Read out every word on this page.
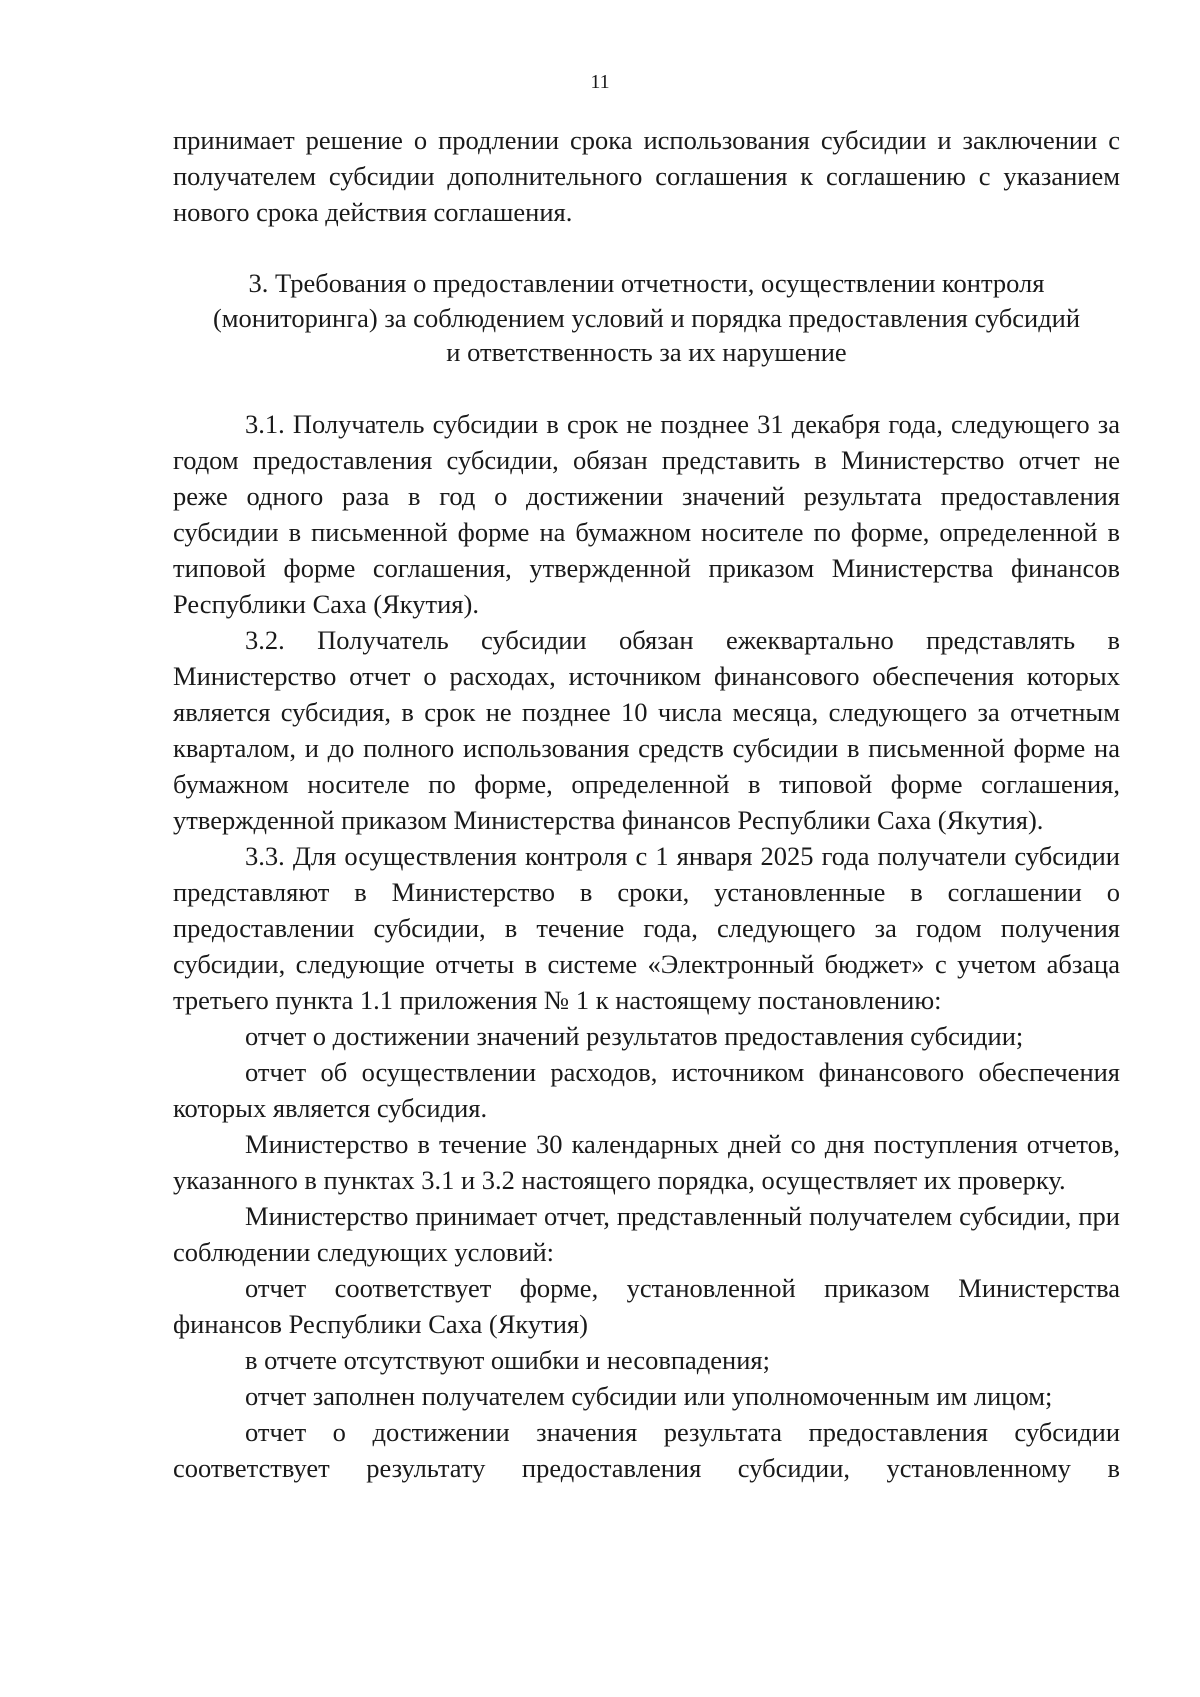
11

принимает решение о продлении срока использования субсидии и заключении с получателем субсидии дополнительного соглашения к соглашению с указанием нового срока действия соглашения.

3. Требования о предоставлении отчетности, осуществлении контроля
(мониторинга) за соблюдением условий и порядка предоставления субсидий
и ответственность за их нарушение

3.1. Получатель субсидии в срок не позднее 31 декабря года, следующего за годом предоставления субсидии, обязан представить в Министерство отчет не реже одного раза в год о достижении значений результата предоставления субсидии в письменной форме на бумажном носителе по форме, определенной в типовой форме соглашения, утвержденной приказом Министерства финансов Республики Саха (Якутия).

3.2. Получатель субсидии обязан ежеквартально представлять в Министерство отчет о расходах, источником финансового обеспечения которых является субсидия, в срок не позднее 10 числа месяца, следующего за отчетным кварталом, и до полного использования средств субсидии в письменной форме на бумажном носителе по форме, определенной в типовой форме соглашения, утвержденной приказом Министерства финансов Республики Саха (Якутия).

3.3. Для осуществления контроля с 1 января 2025 года получатели субсидии представляют в Министерство в сроки, установленные в соглашении о предоставлении субсидии, в течение года, следующего за годом получения субсидии, следующие отчеты в системе «Электронный бюджет» с учетом абзаца третьего пункта 1.1 приложения № 1 к настоящему постановлению:

отчет о достижении значений результатов предоставления субсидии;

отчет об осуществлении расходов, источником финансового обеспечения которых является субсидия.

Министерство в течение 30 календарных дней со дня поступления отчетов, указанного в пунктах 3.1 и 3.2 настоящего порядка, осуществляет их проверку.

Министерство принимает отчет, представленный получателем субсидии, при соблюдении следующих условий:

отчет соответствует форме, установленной приказом Министерства финансов Республики Саха (Якутия)

в отчете отсутствуют ошибки и несовпадения;

отчет заполнен получателем субсидии или уполномоченным им лицом;

отчет о достижении значения результата предоставления субсидии соответствует результату предоставления субсидии, установленному в
